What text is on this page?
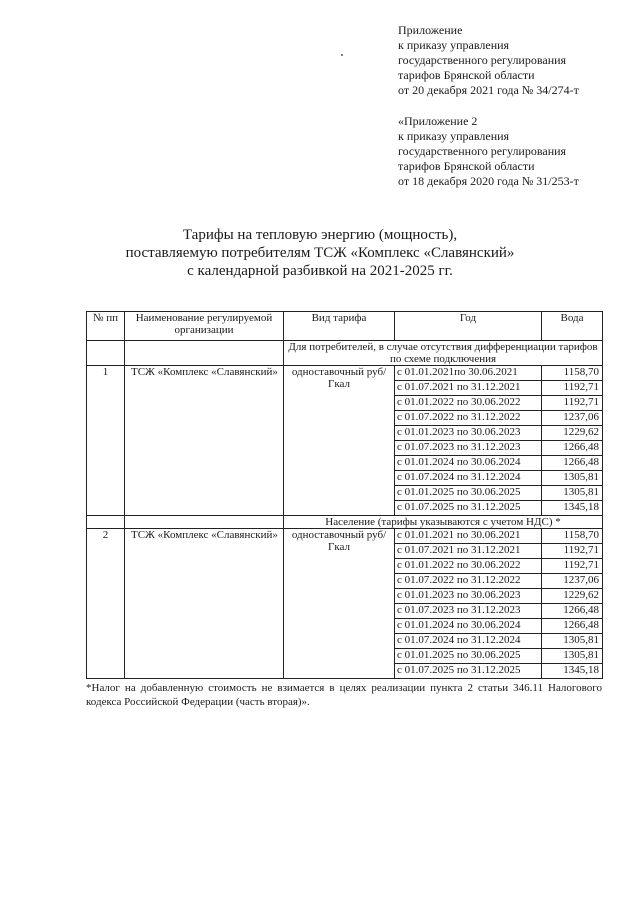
Приложение
к приказу управления
государственного регулирования
тарифов Брянской области
от 20 декабря 2021 года № 34/274-т
«Приложение 2
к приказу управления
государственного регулирования
тарифов Брянской области
от 18 декабря 2020 года № 31/253-т
Тарифы на тепловую энергию (мощность),
поставляемую потребителям ТСЖ «Комплекс «Славянский»
с календарной разбивкой на 2021-2025 гг.
№ пп	Наименование регулируемой организации	Вид тарифа	Год	Вода
		Для потребителей, в случае отсутствия дифференциации тарифов по схеме подключения		
1	ТСЖ «Комплекс «Славянский»	одноставочный руб/Гкал	с 01.01.2021по 30.06.2021	1158,70
			с 01.07.2021 по 31.12.2021	1192,71
			с 01.01.2022 по 30.06.2022	1192,71
			с 01.07.2022 по 31.12.2022	1237,06
			с 01.01.2023 по 30.06.2023	1229,62
			с 01.07.2023 по 31.12.2023	1266,48
			с 01.01.2024 по 30.06.2024	1266,48
			с 01.07.2024 по 31.12.2024	1305,81
			с 01.01.2025 по 30.06.2025	1305,81
			с 01.07.2025 по 31.12.2025	1345,18
		Население (тарифы указываются с учетом НДС) *		
2	ТСЖ «Комплекс «Славянский»	одноставочный руб/Гкал	с 01.01.2021 по 30.06.2021	1158,70
			с 01.07.2021 по 31.12.2021	1192,71
			с 01.01.2022 по 30.06.2022	1192,71
			с 01.07.2022 по 31.12.2022	1237,06
			с 01.01.2023 по 30.06.2023	1229,62
			с 01.07.2023 по 31.12.2023	1266,48
			с 01.01.2024 по 30.06.2024	1266,48
			с 01.07.2024 по 31.12.2024	1305,81
			с 01.01.2025 по 30.06.2025	1305,81
			с 01.07.2025 по 31.12.2025	1345,18
*Налог на добавленную стоимость не взимается в целях реализации пункта 2 статьи 346.11 Налогового кодекса Российской Федерации (часть вторая)».
